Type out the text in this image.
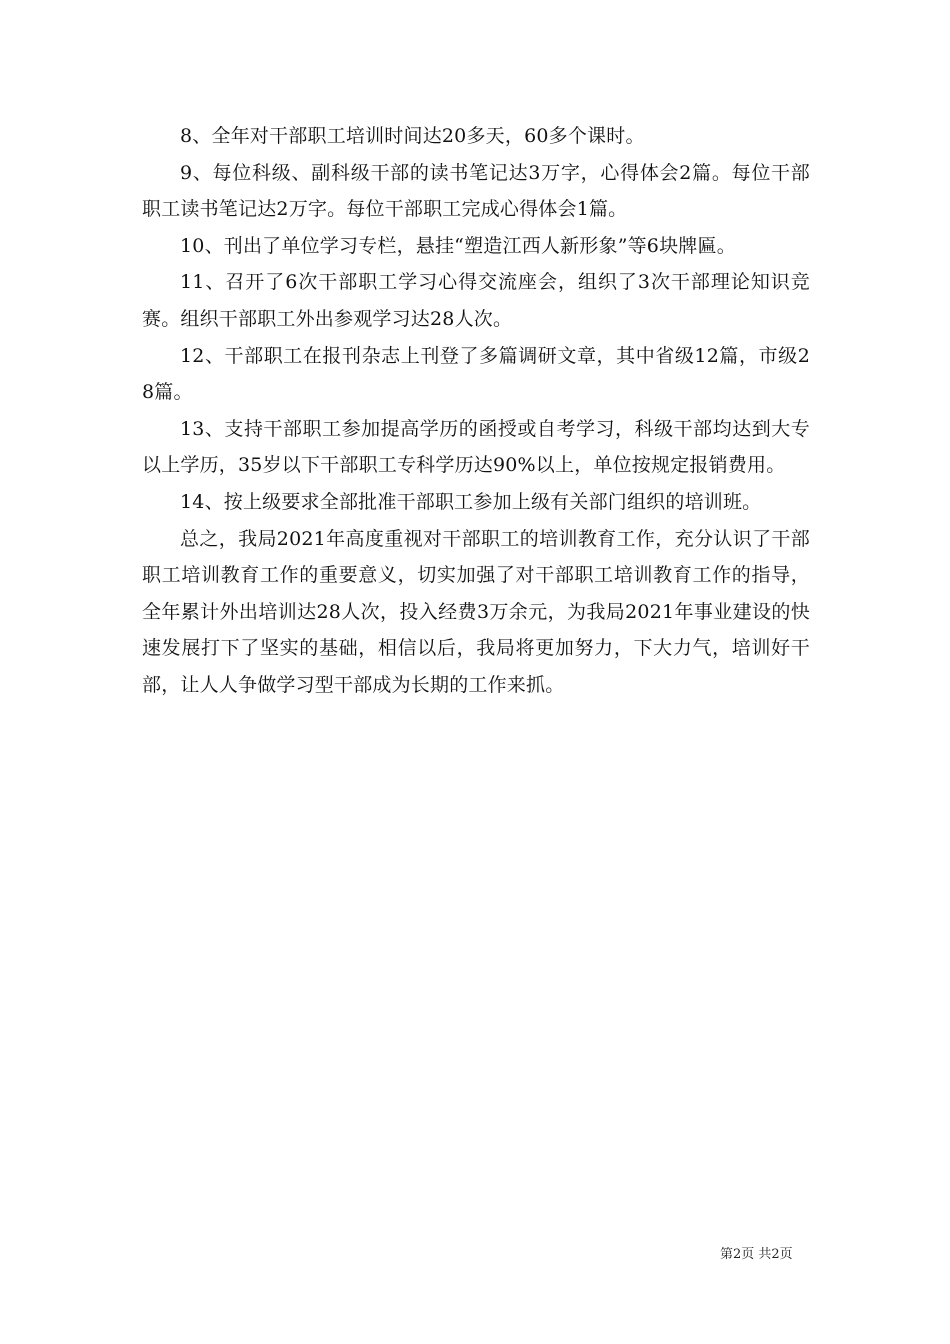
8、全年对干部职工培训时间达20多天，60多个课时。

9、每位科级、副科级干部的读书笔记达3万字，心得体会2篇。每位干部职工读书笔记达2万字。每位干部职工完成心得体会1篇。

10、刊出了单位学习专栏，悬挂“塑造江西人新形象”等6块牌匾。

11、召开了6次干部职工学习心得交流座会，组织了3次干部理论知识竞赛。组织干部职工外出参观学习达28人次。

12、干部职工在报刊杂志上刊登了多篇调研文章，其中省级12篇，市级28篇。

13、支持干部职工参加提高学历的函授或自考学习，科级干部均达到大专以上学历，35岁以下干部职工专科学历达90%以上，单位按规定报销费用。

14、按上级要求全部批准干部职工参加上级有关部门组织的培训班。

总之，我局2021年高度重视对干部职工的培训教育工作，充分认识了干部职工培训教育工作的重要意义，切实加强了对干部职工培训教育工作的指导，全年累计外出培训达28人次，投入经费3万余元，为我局2021年事业建设的快速发展打下了坚实的基础，相信以后，我局将更加努力，下大力气，培训好干部，让人人争做学习型干部成为长期的工作来抓。

第2页 共2页
